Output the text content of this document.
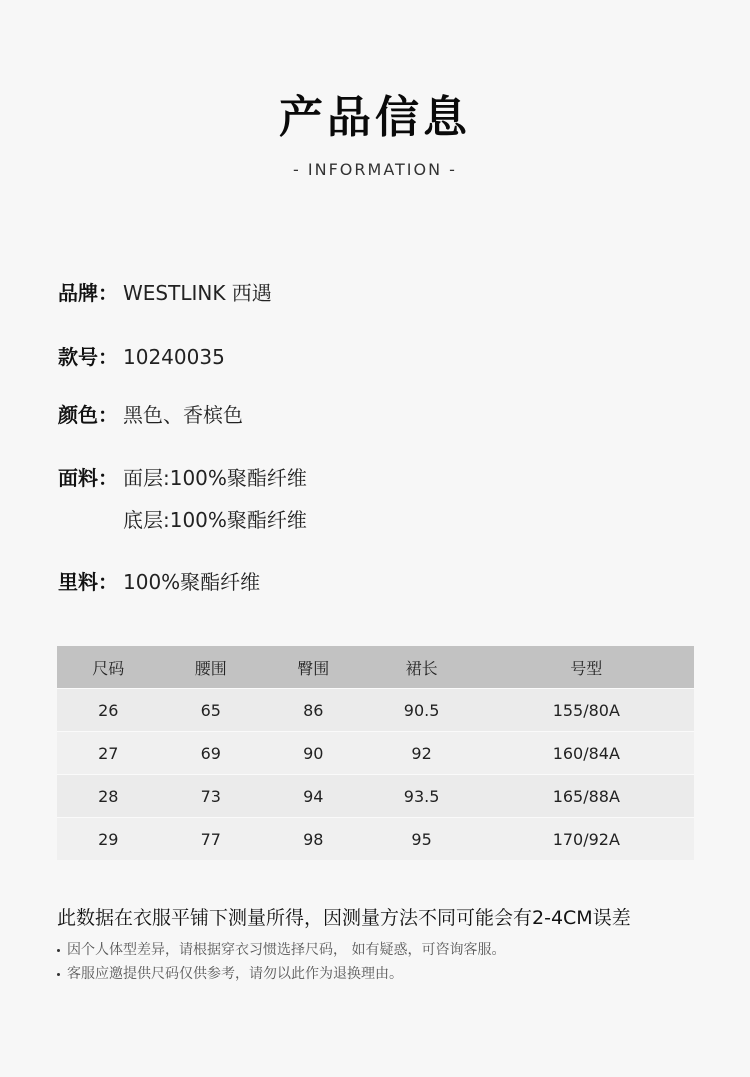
产品信息
- INFORMATION -
品牌： WESTLINK 西遇
款号： 10240035
颜色： 黑色、香槟色
面料： 面层:100%聚酯纤维
底层:100%聚酯纤维
里料： 100%聚酯纤维
尺码	腰围	臀围	裙长	号型
26	65	86	90.5	155/80A
27	69	90	92	160/84A
28	73	94	93.5	165/88A
29	77	98	95	170/92A
此数据在衣服平铺下测量所得，因测量方法不同可能会有2-4CM误差
因个人体型差异，请根据穿衣习惯选择尺码， 如有疑惑，可咨询客服。
客服应邀提供尺码仅供参考，请勿以此作为退换理由。
